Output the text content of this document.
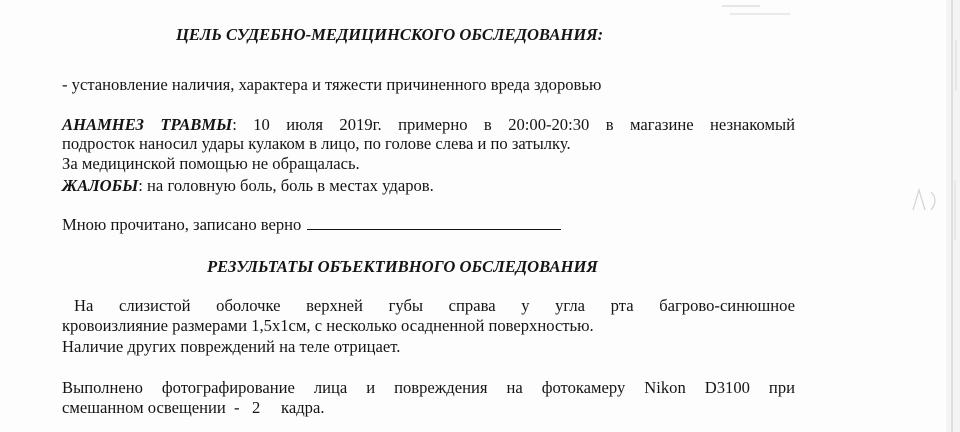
ЦЕЛЬ СУДЕБНО-МЕДИЦИНСКОГО ОБСЛЕДОВАНИЯ:
- установление наличия, характера и тяжести причиненного вреда здоровью
АНАМНЕЗ ТРАВМЫ: 10 июля 2019г. примерно в 20:00-20:30 в магазине незнакомый
подросток наносил удары кулаком в лицо, по голове слева и по затылку.
За медицинской помощью не обращалась.
ЖАЛОБЫ: на головную боль, боль в местах ударов.
Мною прочитано, записано верно
РЕЗУЛЬТАТЫ ОБЪЕКТИВНОГО ОБСЛЕДОВАНИЯ
На слизистой оболочке верхней губы справа у угла рта багрово-синюшное
кровоизлияние размерами 1,5х1см, с несколько осадненной поверхностью.
Наличие других повреждений на теле отрицает.
Выполнено фотографирование лица и повреждения на фотокамеру Nikon D3100 при
смешанном освещении  -   2     кадра.
